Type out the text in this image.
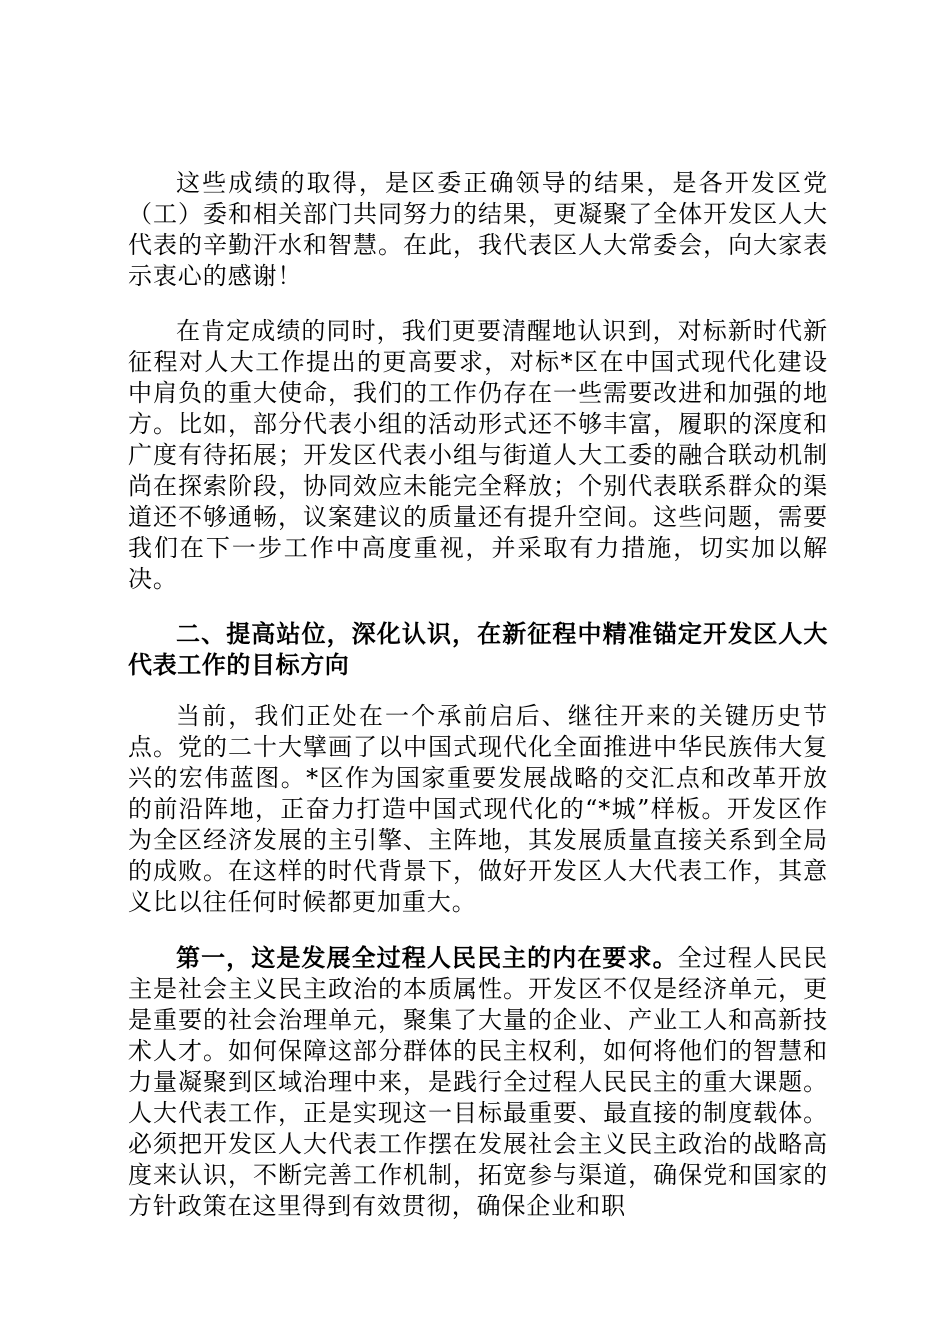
这些成绩的取得，是区委正确领导的结果，是各开发区党（工）委和相关部门共同努力的结果，更凝聚了全体开发区人大代表的辛勤汗水和智慧。在此，我代表区人大常委会，向大家表示衷心的感谢！

在肯定成绩的同时，我们更要清醒地认识到，对标新时代新征程对人大工作提出的更高要求，对标*区在中国式现代化建设中肩负的重大使命，我们的工作仍存在一些需要改进和加强的地方。比如，部分代表小组的活动形式还不够丰富，履职的深度和广度有待拓展；开发区代表小组与街道人大工委的融合联动机制尚在探索阶段，协同效应未能完全释放；个别代表联系群众的渠道还不够通畅，议案建议的质量还有提升空间。这些问题，需要我们在下一步工作中高度重视，并采取有力措施，切实加以解决。

二、提高站位，深化认识，在新征程中精准锚定开发区人大代表工作的目标方向

当前，我们正处在一个承前启后、继往开来的关键历史节点。党的二十大擘画了以中国式现代化全面推进中华民族伟大复兴的宏伟蓝图。*区作为国家重要发展战略的交汇点和改革开放的前沿阵地，正奋力打造中国式现代化的“*城”样板。开发区作为全区经济发展的主引擎、主阵地，其发展质量直接关系到全局的成败。在这样的时代背景下，做好开发区人大代表工作，其意义比以往任何时候都更加重大。

第一，这是发展全过程人民民主的内在要求。全过程人民民主是社会主义民主政治的本质属性。开发区不仅是经济单元，更是重要的社会治理单元，聚集了大量的企业、产业工人和高新技术人才。如何保障这部分群体的民主权利，如何将他们的智慧和力量凝聚到区域治理中来，是践行全过程人民民主的重大课题。人大代表工作，正是实现这一目标最重要、最直接的制度载体。必须把开发区人大代表工作摆在发展社会主义民主政治的战略高度来认识，不断完善工作机制，拓宽参与渠道，确保党和国家的方针政策在这里得到有效贯彻，确保企业和职
